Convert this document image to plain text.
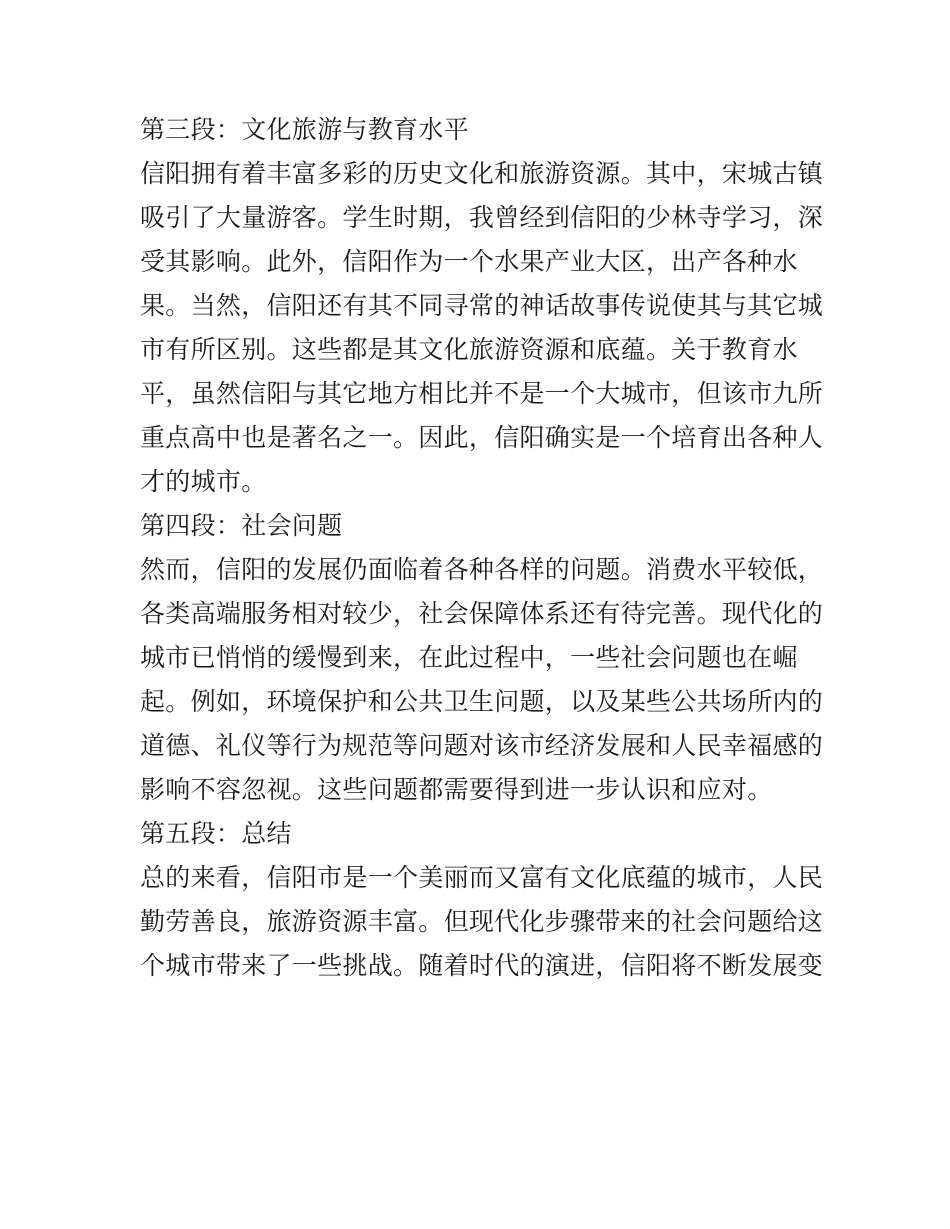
第三段：文化旅游与教育水平
信阳拥有着丰富多彩的历史文化和旅游资源。其中，宋城古镇
吸引了大量游客。学生时期，我曾经到信阳的少林寺学习，深
受其影响。此外，信阳作为一个水果产业大区，出产各种水
果。当然，信阳还有其不同寻常的神话故事传说使其与其它城
市有所区别。这些都是其文化旅游资源和底蕴。关于教育水
平，虽然信阳与其它地方相比并不是一个大城市，但该市九所
重点高中也是著名之一。因此，信阳确实是一个培育出各种人
才的城市。
第四段：社会问题
然而，信阳的发展仍面临着各种各样的问题。消费水平较低，
各类高端服务相对较少，社会保障体系还有待完善。现代化的
城市已悄悄的缓慢到来，在此过程中，一些社会问题也在崛
起。例如，环境保护和公共卫生问题，以及某些公共场所内的
道德、礼仪等行为规范等问题对该市经济发展和人民幸福感的
影响不容忽视。这些问题都需要得到进一步认识和应对。
第五段：总结
总的来看，信阳市是一个美丽而又富有文化底蕴的城市，人民
勤劳善良，旅游资源丰富。但现代化步骤带来的社会问题给这
个城市带来了一些挑战。随着时代的演进，信阳将不断发展变
